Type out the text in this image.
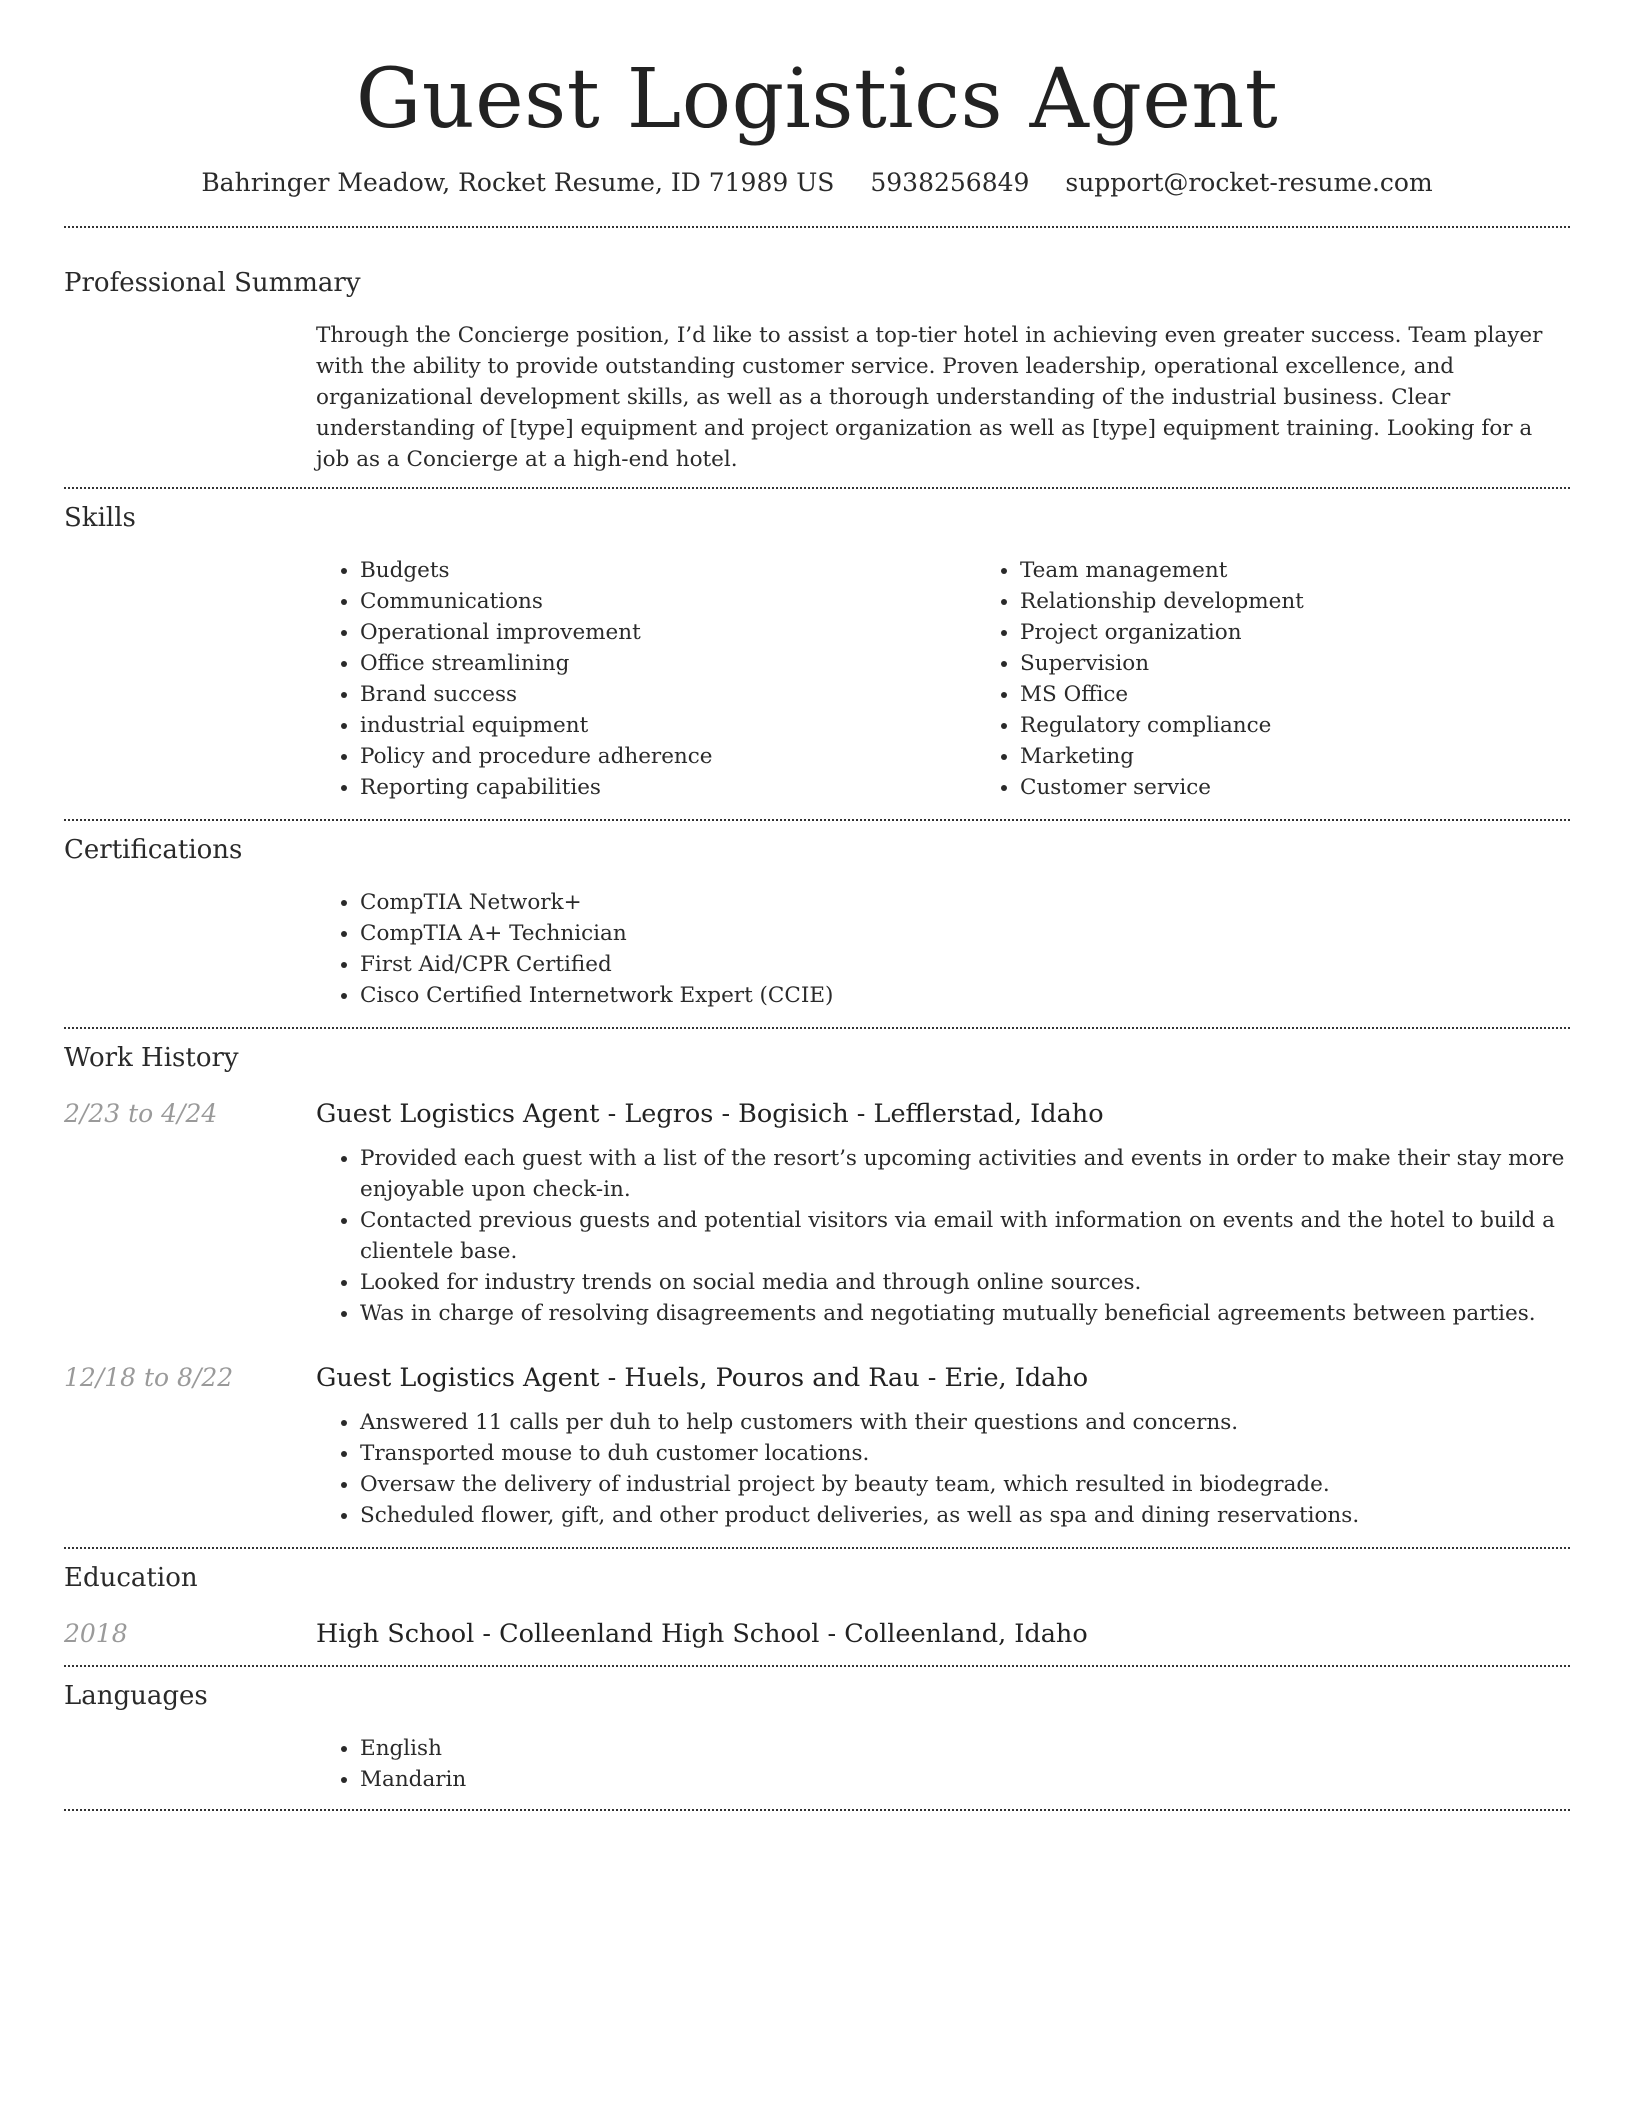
Guest Logistics Agent
Bahringer Meadow, Rocket Resume, ID 71989 US 5938256849 support@rocket-resume.com
Professional Summary

Through the Concierge position, I’d like to assist a top-tier hotel in achieving even greater success. Team player with the ability to provide outstanding customer service. Proven leadership, operational excellence, and organizational development skills, as well as a thorough understanding of the industrial business. Clear understanding of [type] equipment and project organization as well as [type] equipment training. Looking for a job as a Concierge at a high-end hotel.

Skills
• Budgets
• Communications
• Operational improvement
• Office streamlining
• Brand success
• industrial equipment
• Policy and procedure adherence
• Reporting capabilities
• Team management
• Relationship development
• Project organization
• Supervision
• MS Office
• Regulatory compliance
• Marketing
• Customer service
Certifications
• CompTIA Network+
• CompTIA A+ Technician
• First Aid/CPR Certified
• Cisco Certified Internetwork Expert (CCIE)
Work History
2/23 to 4/24	Guest Logistics Agent - Legros - Bogisich - Lefflerstad, Idaho
• Provided each guest with a list of the resort’s upcoming activities and events in order to make their stay more enjoyable upon check-in.
• Contacted previous guests and potential visitors via email with information on events and the hotel to build a clientele base.
• Looked for industry trends on social media and through online sources.
• Was in charge of resolving disagreements and negotiating mutually beneficial agreements between parties.
12/18 to 8/22	Guest Logistics Agent - Huels, Pouros and Rau - Erie, Idaho
• Answered 11 calls per duh to help customers with their questions and concerns.
• Transported mouse to duh customer locations.
• Oversaw the delivery of industrial project by beauty team, which resulted in biodegrade.
• Scheduled flower, gift, and other product deliveries, as well as spa and dining reservations.
Education
2018	High School - Colleenland High School - Colleenland, Idaho
Languages
• English
• Mandarin
